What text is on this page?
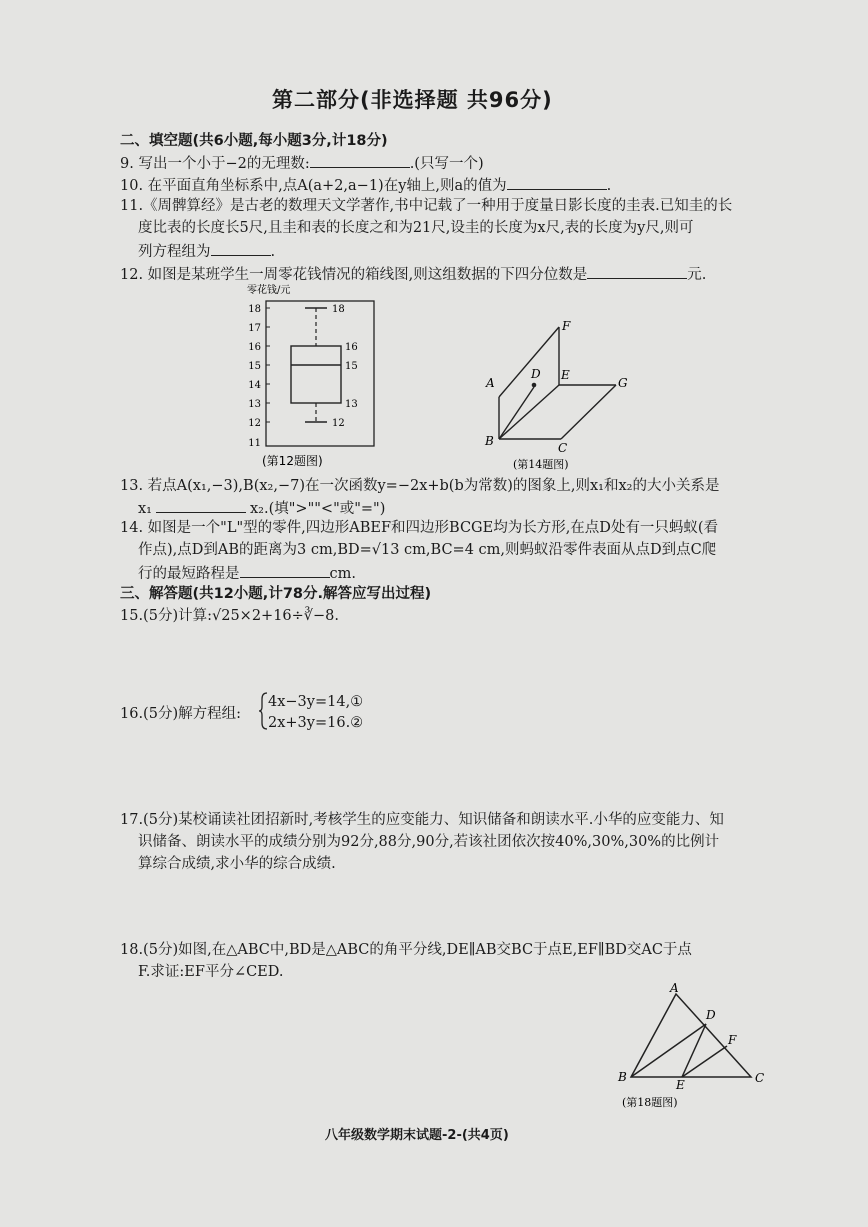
第二部分(非选择题 共96分)
二、填空题(共6小题,每小题3分,计18分)
9. 写出一个小于−2的无理数:	.(只写一个)
10. 在平面直角坐标系中,点A(a+2,a−1)在y轴上,则a的值为	.
11.《周髀算经》是古老的数理天文学著作,书中记载了一种用于度量日影长度的圭表.已知圭的长
度比表的长度长5尺,且圭和表的长度之和为21尺,设圭的长度为x尺,表的长度为y尺,则可
列方程组为	.
12. 如图是某班学生一周零花钱情况的箱线图,则这组数据的下四分位数是	元.
零花钱/元
18
17
16
15
14
13
12
11
18
16
15
13
12
(第12题图)
F
D E
G
A
B	C
(第14题图)
13. 若点A(x₁,−3),B(x₂,−7)在一次函数y=−2x+b(b为常数)的图象上,则x₁和x₂的大小关系是
x₁	x₂.(填">""<"或"=")
14. 如图是一个"L"型的零件,四边形ABEF和四边形BCGE均为长方形,在点D处有一只蚂蚁(看
作点),点D到AB的距离为3 cm,BD=√13 cm,BC=4 cm,则蚂蚁沿零件表面从点D到点C爬
行的最短路程是	cm.
三、解答题(共12小题,计78分.解答应写出过程)
15.(5分)计算:√25×2+16÷∛−8.
16.(5分)解方程组:
4x−3y=14,①
2x+3y=16.②
17.(5分)某校诵读社团招新时,考核学生的应变能力、知识储备和朗读水平.小华的应变能力、知
识储备、朗读水平的成绩分别为92分,88分,90分,若该社团依次按40%,30%,30%的比例计
算综合成绩,求小华的综合成绩.
18.(5分)如图,在△ABC中,BD是△ABC的角平分线,DE∥AB交BC于点E,EF∥BD交AC于点
F.求证:EF平分∠CED.
A
D
F
B	C
E
(第18题图)
八年级数学期末试题-2-(共4页)
